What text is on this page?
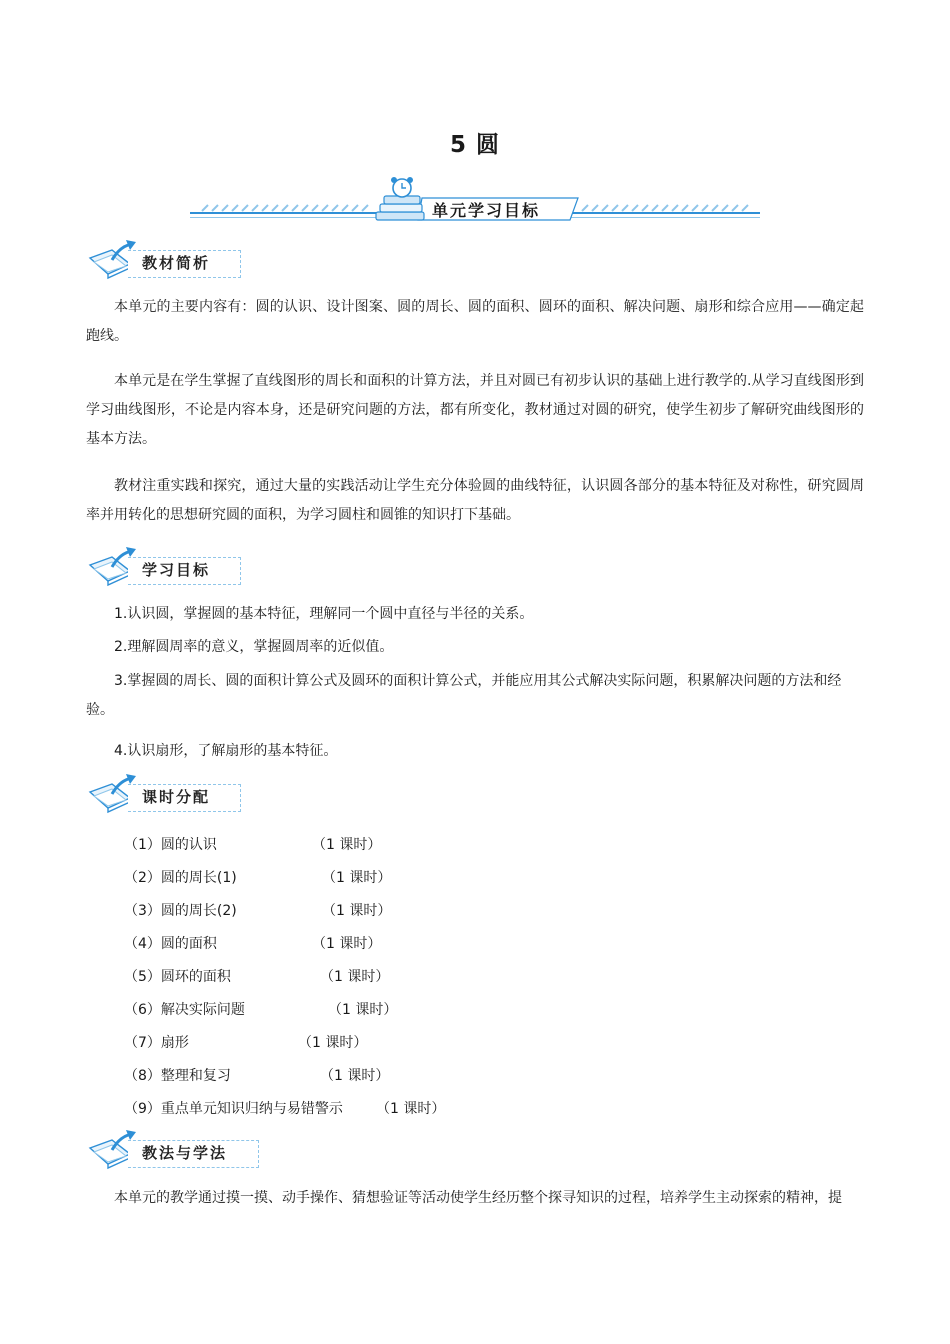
5 圆
单元学习目标
教材简析

本单元的主要内容有：圆的认识、设计图案、圆的周长、圆的面积、圆环的面积、解决问题、扇形和综合应用——确定起跑线。

本单元是在学生掌握了直线图形的周长和面积的计算方法，并且对圆已有初步认识的基础上进行教学的.从学习直线图形到学习曲线图形，不论是内容本身，还是研究问题的方法，都有所变化，教材通过对圆的研究，使学生初步了解研究曲线图形的基本方法。

教材注重实践和探究，通过大量的实践活动让学生充分体验圆的曲线特征，认识圆各部分的基本特征及对称性，研究圆周率并用转化的思想研究圆的面积，为学习圆柱和圆锥的知识打下基础。

学习目标

1.认识圆，掌握圆的基本特征，理解同一个圆中直径与半径的关系。

2.理解圆周率的意义，掌握圆周率的近似值。

3.掌握圆的周长、圆的面积计算公式及圆环的面积计算公式，并能应用其公式解决实际问题，积累解决问题的方法和经验。

4.认识扇形，了解扇形的基本特征。

课时分配
（1）圆的认识	（1 课时）
（2）圆的周长(1)	（1 课时）
（3）圆的周长(2)	（1 课时）
（4）圆的面积	（1 课时）
（5）圆环的面积	（1 课时）
（6）解决实际问题	（1 课时）
（7）扇形	（1 课时）
（8）整理和复习	（1 课时）
（9）重点单元知识归纳与易错警示 （1 课时）
教法与学法

本单元的教学通过摸一摸、动手操作、猜想验证等活动使学生经历整个探寻知识的过程，培养学生主动探索的精神，提
